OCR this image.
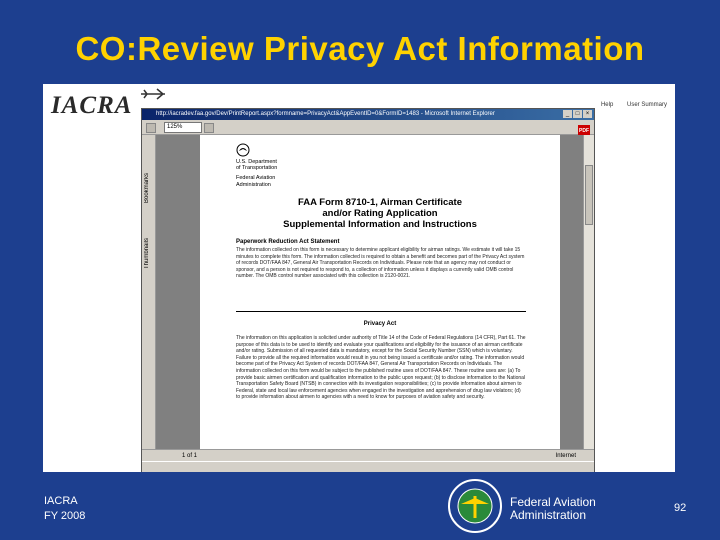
CO:Review Privacy Act Information
IACRA	Help User Summary
http://iacradev.faa.gov/Dev/PrintReport.aspx?formname=PrivacyAct&AppEventID=0&FormID=1483 - Microsoft Internet Explorer	_	□	×
125%
PDF
Bookmarks
Thumbnails
U.S. Department
of Transportation
Federal Aviation
Administration
FAA Form 8710-1, Airman Certificate
and/or Rating Application
Supplemental Information and Instructions
Paperwork Reduction Act Statement
The information collected on this form is necessary to determine applicant eligibility for airman ratings. We estimate it will take 15 minutes to complete this form. The information collected is required to obtain a benefit and becomes part of the Privacy Act system of records DOT/FAA 847, General Air Transportation Records on Individuals. Please note that an agency may not conduct or sponsor, and a person is not required to respond to, a collection of information unless it displays a currently valid OMB control number. The OMB control number associated with this collection is 2120-0021.
Privacy Act
The information on this application is solicited under authority of Title 14 of the Code of Federal Regulations (14 CFR), Part 61. The purpose of this data is to be used to identify and evaluate your qualifications and eligibility for the issuance of an airman certificate and/or rating. Submission of all requested data is mandatory, except for the Social Security Number (SSN) which is voluntary. Failure to provide all the required information would result in you not being issued a certificate and/or rating. The information would become part of the Privacy Act System of records DOT/FAA 847, General Air Transportation Records on Individuals. The information collected on this form would be subject to the published routine uses of DOT/FAA 847. These routine uses are: (a) To provide basic airmen certification and qualification information to the public upon request; (b) to disclose information to the National Transportation Safety Board (NTSB) in connection with its investigation responsibilities; (c) to provide information about airmen to Federal, state and local law enforcement agencies when engaged in the investigation and apprehension of drug law violators; (d) to provide information about airmen to agencies with a need to know for purposes of aviation safety and security.
1 of 1	Internet
IACRA
FY 2008
Federal Aviation
Administration	92
